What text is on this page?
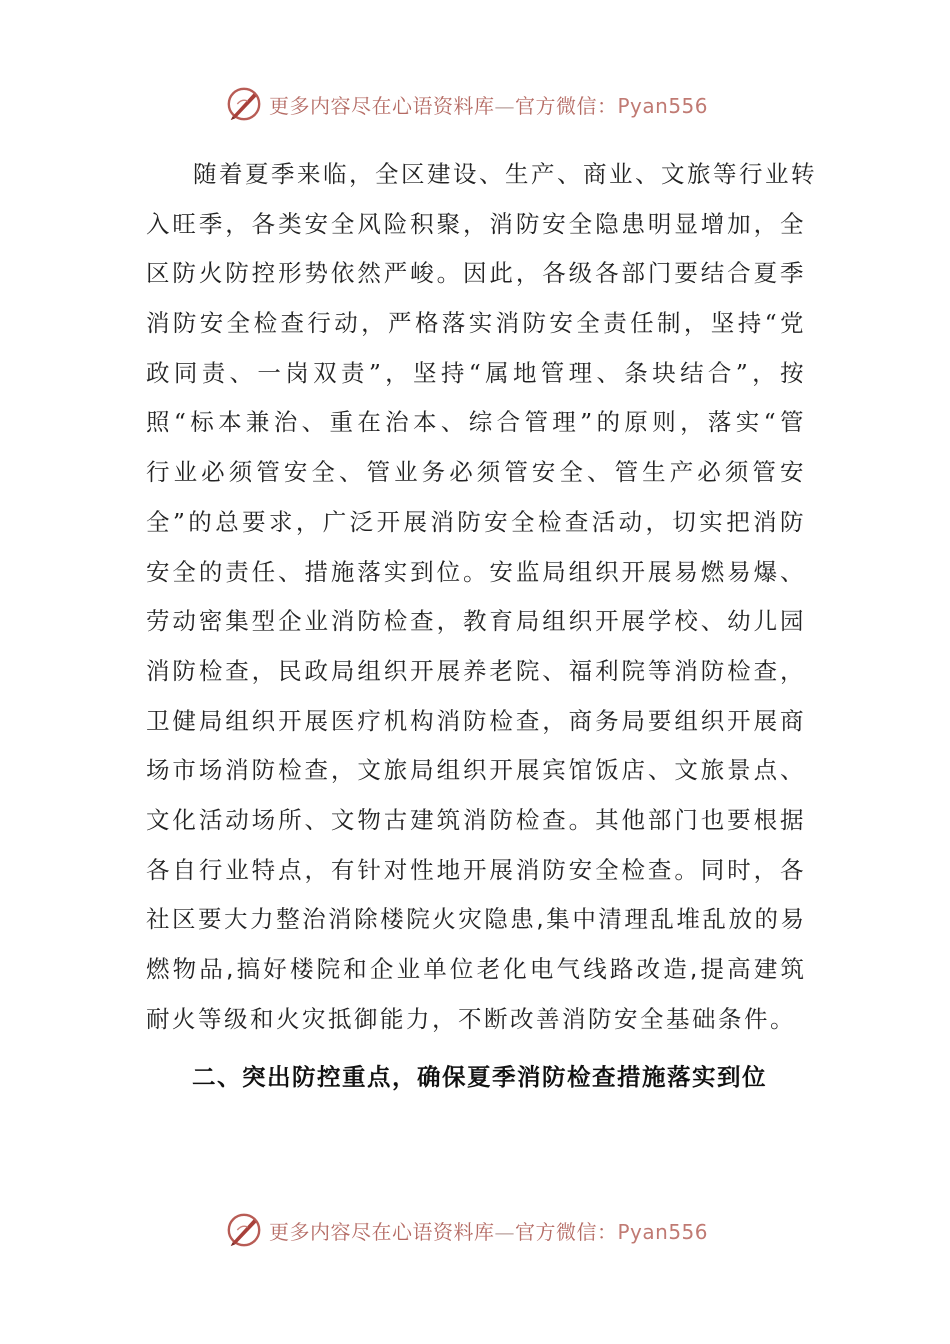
更多内容尽在心语资料库—官方微信：Pyan556
随着夏季来临，全区建设、生产、商业、文旅等行业转
入旺季，各类安全风险积聚，消防安全隐患明显增加，全
区防火防控形势依然严峻。因此，各级各部门要结合夏季
消防安全检查行动，严格落实消防安全责任制，坚持“党
政同责、一岗双责”，坚持“属地管理、条块结合”，按
照“标本兼治、重在治本、综合管理”的原则，落实“管
行业必须管安全、管业务必须管安全、管生产必须管安
全”的总要求，广泛开展消防安全检查活动，切实把消防
安全的责任、措施落实到位。安监局组织开展易燃易爆、
劳动密集型企业消防检查，教育局组织开展学校、幼儿园
消防检查，民政局组织开展养老院、福利院等消防检查，
卫健局组织开展医疗机构消防检查，商务局要组织开展商
场市场消防检查，文旅局组织开展宾馆饭店、文旅景点、
文化活动场所、文物古建筑消防检查。其他部门也要根据
各自行业特点，有针对性地开展消防安全检查。同时，各
社区要大力整治消除楼院火灾隐患,集中清理乱堆乱放的易
燃物品,搞好楼院和企业单位老化电气线路改造,提高建筑
耐火等级和火灾抵御能力，不断改善消防安全基础条件。
二、突出防控重点，确保夏季消防检查措施落实到位
更多内容尽在心语资料库—官方微信：Pyan556
